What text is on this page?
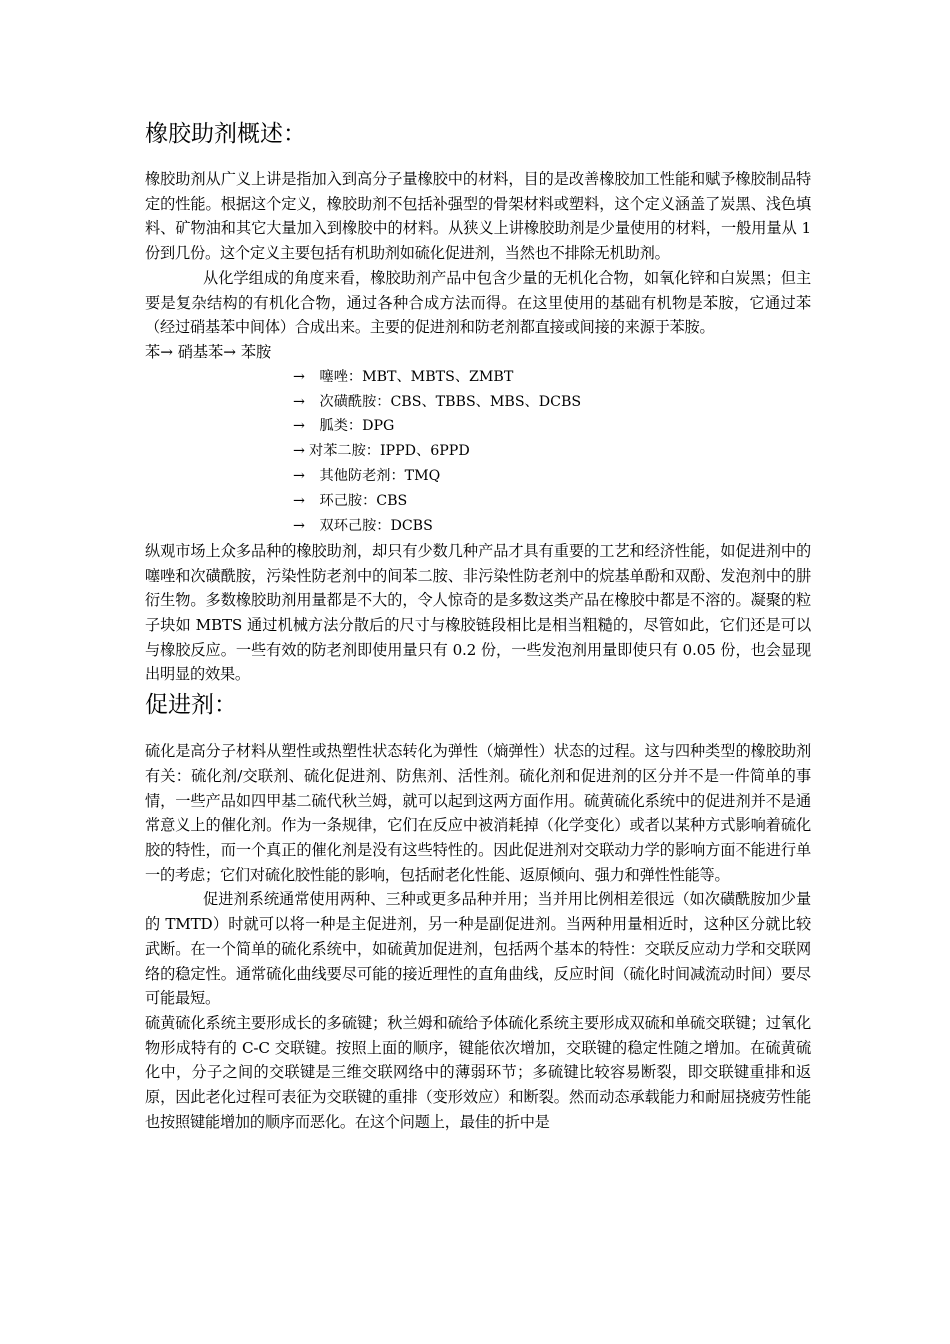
橡胶助剂概述：

橡胶助剂从广义上讲是指加入到高分子量橡胶中的材料，目的是改善橡胶加工性能和赋予橡胶制品特定的性能。根据这个定义，橡胶助剂不包括补强型的骨架材料或塑料，这个定义涵盖了炭黑、浅色填料、矿物油和其它大量加入到橡胶中的材料。从狭义上讲橡胶助剂是少量使用的材料，一般用量从 1 份到几份。这个定义主要包括有机助剂如硫化促进剂，当然也不排除无机助剂。

从化学组成的角度来看，橡胶助剂产品中包含少量的无机化合物，如氧化锌和白炭黑；但主要是复杂结构的有机化合物，通过各种合成方法而得。在这里使用的基础有机物是苯胺，它通过苯（经过硝基苯中间体）合成出来。主要的促进剂和防老剂都直接或间接的来源于苯胺。

苯→ 硝基苯→ 苯胺

→ 噻唑：MBT、MBTS、ZMBT
→ 次磺酰胺：CBS、TBBS、MBS、DCBS
→ 胍类：DPG
→ 对苯二胺：IPPD、6PPD
→ 其他防老剂：TMQ
→ 环己胺：CBS
→ 双环己胺：DCBS

纵观市场上众多品种的橡胶助剂，却只有少数几种产品才具有重要的工艺和经济性能，如促进剂中的噻唑和次磺酰胺，污染性防老剂中的间苯二胺、非污染性防老剂中的烷基单酚和双酚、发泡剂中的肼衍生物。多数橡胶助剂用量都是不大的，令人惊奇的是多数这类产品在橡胶中都是不溶的。凝聚的粒子块如 MBTS 通过机械方法分散后的尺寸与橡胶链段相比是相当粗糙的，尽管如此，它们还是可以与橡胶反应。一些有效的防老剂即使用量只有 0.2 份，一些发泡剂用量即使只有 0.05 份，也会显现出明显的效果。

促进剂：

硫化是高分子材料从塑性或热塑性状态转化为弹性（熵弹性）状态的过程。这与四种类型的橡胶助剂有关：硫化剂/交联剂、硫化促进剂、防焦剂、活性剂。硫化剂和促进剂的区分并不是一件简单的事情，一些产品如四甲基二硫代秋兰姆，就可以起到这两方面作用。硫黄硫化系统中的促进剂并不是通常意义上的催化剂。作为一条规律，它们在反应中被消耗掉（化学变化）或者以某种方式影响着硫化胶的特性，而一个真正的催化剂是没有这些特性的。因此促进剂对交联动力学的影响方面不能进行单一的考虑；它们对硫化胶性能的影响，包括耐老化性能、返原倾向、强力和弹性性能等。

促进剂系统通常使用两种、三种或更多品种并用；当并用比例相差很远（如次磺酰胺加少量的 TMTD）时就可以将一种是主促进剂，另一种是副促进剂。当两种用量相近时，这种区分就比较武断。在一个简单的硫化系统中，如硫黄加促进剂，包括两个基本的特性：交联反应动力学和交联网络的稳定性。通常硫化曲线要尽可能的接近理性的直角曲线，反应时间（硫化时间减流动时间）要尽可能最短。

硫黄硫化系统主要形成长的多硫键；秋兰姆和硫给予体硫化系统主要形成双硫和单硫交联键；过氧化物形成特有的 C-C 交联键。按照上面的顺序，键能依次增加，交联键的稳定性随之增加。在硫黄硫化中，分子之间的交联键是三维交联网络中的薄弱环节；多硫键比较容易断裂，即交联键重排和返原，因此老化过程可表征为交联键的重排（变形效应）和断裂。然而动态承载能力和耐屈挠疲劳性能也按照键能增加的顺序而恶化。在这个问题上，最佳的折中是
